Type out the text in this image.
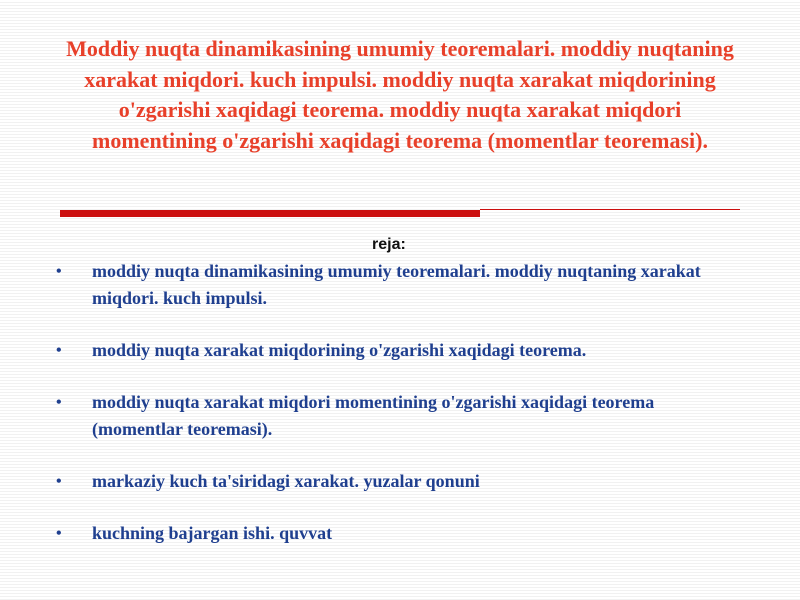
Moddiy nuqta dinamikasining umumiy teoremalari. moddiy nuqtaning xarakat miqdori. kuch impulsi. moddiy nuqta xarakat miqdorining o'zgarishi xaqidagi teorema. moddiy nuqta xarakat miqdori momentining o'zgarishi xaqidagi teorema (momentlar teoremasi).

reja:

•	moddiy nuqta dinamikasining umumiy teoremalari. moddiy nuqtaning xarakat miqdori. kuch impulsi.
•	moddiy nuqta xarakat miqdorining o'zgarishi xaqidagi teorema.
•	moddiy nuqta xarakat miqdori momentining o'zgarishi xaqidagi teorema (momentlar teoremasi).
•	markaziy kuch ta'siridagi xarakat. yuzalar qonuni
•	kuchning bajargan ishi. quvvat
